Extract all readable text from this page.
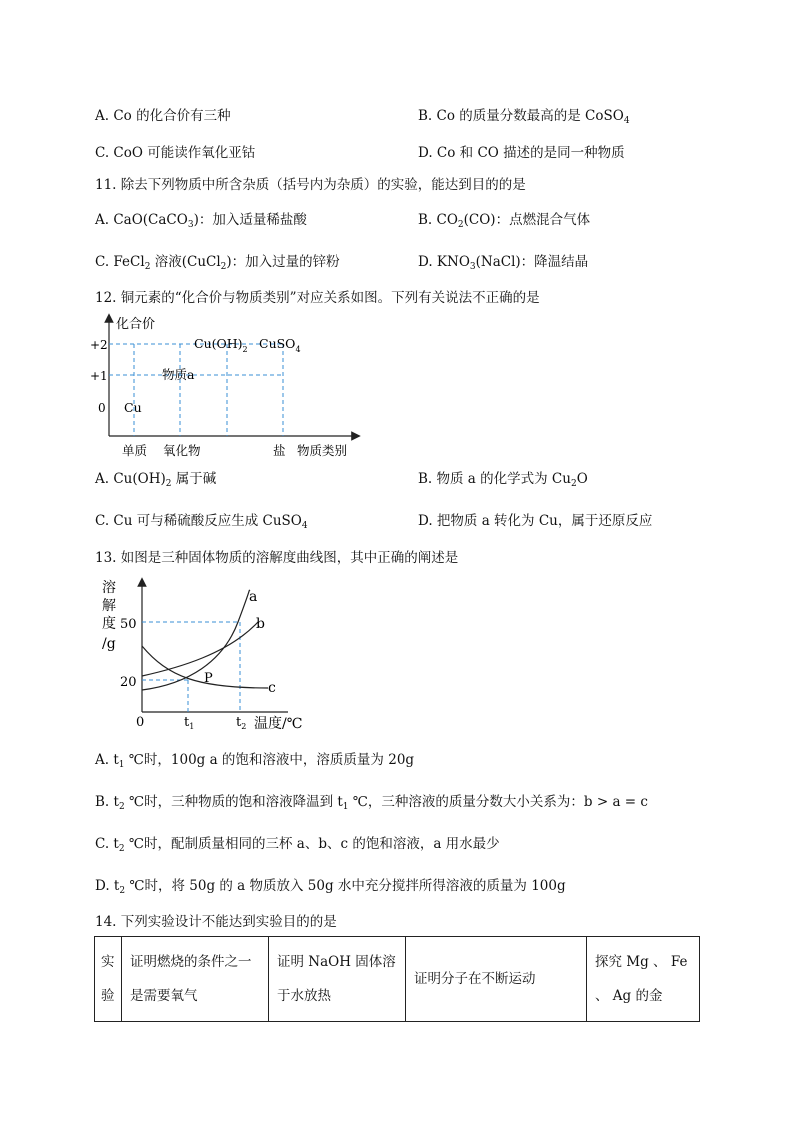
A. Co 的化合价有三种	B. Co 的质量分数最高的是 CoSO$_4$
C. CoO 可能读作氧化亚钴	D. Co 和 CO 描述的是同一种物质
11. 除去下列物质中所含杂质（括号内为杂质）的实验，能达到目的的是
A. CaO(CaCO$_3$)：加入适量稀盐酸	B. $CO_2(CO)$：点燃混合气体
C. FeCl$_2$ 溶液(CuCl$_2$)：加入过量的锌粉	D. $KNO_3(NaCl)$：降温结晶
12. 铜元素的“化合价与物质类别”对应关系如图。下列有关说法不正确的是
化合价
+2
+1
0
$Cu(OH)_2$ CuSO$_4$
物质a
Cu
单质 氧化物	盐 物质类别
A. $Cu(OH)_2$ 属于碱	B. 物质 a 的化学式为 $Cu_2O$
C. Cu 可与稀硫酸反应生成 CuSO$_4$	D. 把物质 a 转化为 Cu，属于还原反应
13. 如图是三种固体物质的溶解度曲线图，其中正确的阐述是
溶
解
度
/g
a
b
c
P
50
20
0	$t_1$	$t_2$ 温度/℃
A. $t_1$ ℃时，100g a 的饱和溶液中，溶质质量为 20g
B. $t_2$ ℃时，三种物质的饱和溶液降温到 $t_1$ ℃，三种溶液的质量分数大小关系为：b > a = c
C. $t_2$ ℃时，配制质量相同的三杯 a、b、c 的饱和溶液，a 用水最少
D. $t_2$ ℃时，将 50g 的 a 物质放入 50g 水中充分搅拌所得溶液的质量为 100g
14. 下列实验设计不能达到实验目的的是
实验	证明燃烧的条件之一是需要氧气	证明 NaOH 固体溶于水放热	证明分子在不断运动	探究 Mg 、 Fe 、 Ag 的金
